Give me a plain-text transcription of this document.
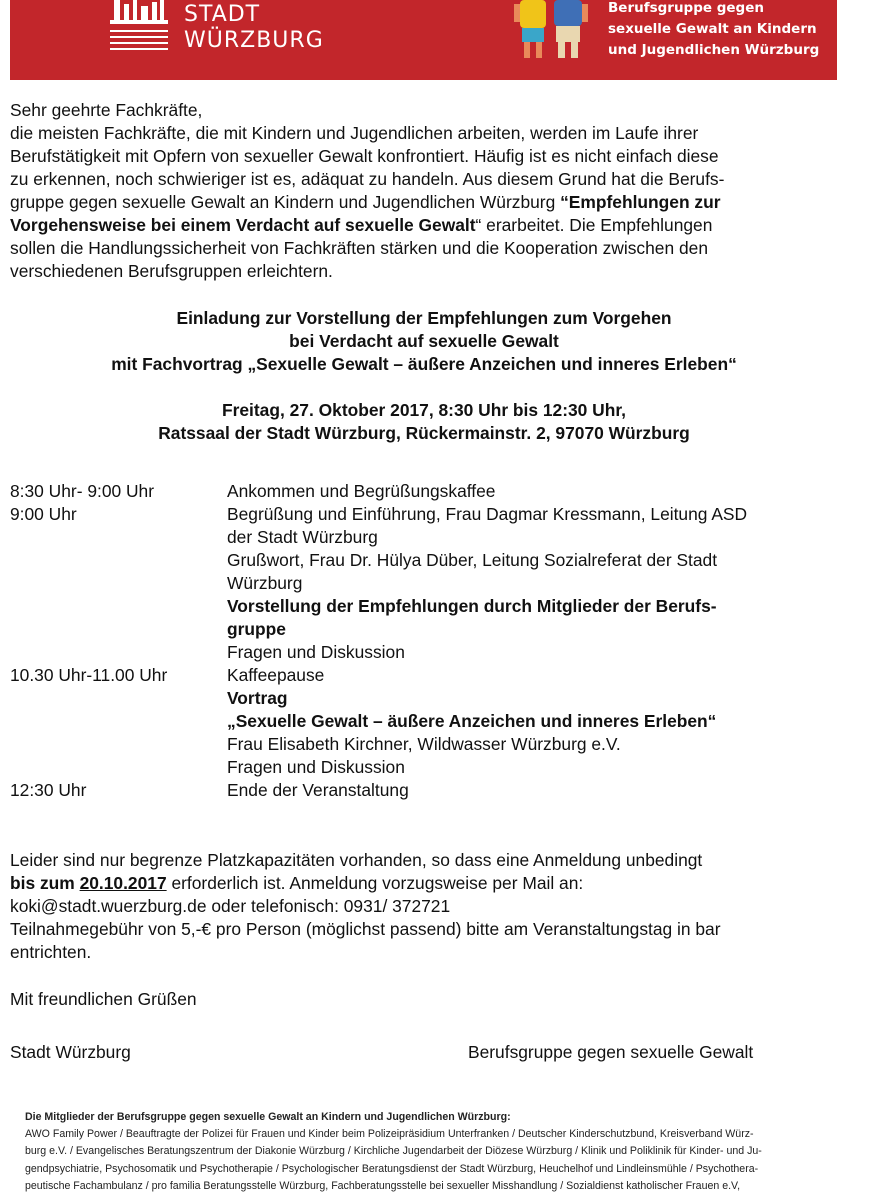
STADT
WÜRZBURG
Berufsgruppe gegen
sexuelle Gewalt an Kindern
und Jugendlichen Würzburg
Sehr geehrte Fachkräfte,
die meisten Fachkräfte, die mit Kindern und Jugendlichen arbeiten, werden im Laufe ihrer
Berufstätigkeit mit Opfern von sexueller Gewalt konfrontiert. Häufig ist es nicht einfach diese
zu erkennen, noch schwieriger ist es, adäquat zu handeln. Aus diesem Grund hat die Berufs-
gruppe gegen sexuelle Gewalt an Kindern und Jugendlichen Würzburg “Empfehlungen zur
Vorgehensweise bei einem Verdacht auf sexuelle Gewalt“ erarbeitet. Die Empfehlungen
sollen die Handlungssicherheit von Fachkräften stärken und die Kooperation zwischen den
verschiedenen Berufsgruppen erleichtern.
Einladung zur Vorstellung der Empfehlungen zum Vorgehen
bei Verdacht auf sexuelle Gewalt
mit Fachvortrag „Sexuelle Gewalt – äußere Anzeichen und inneres Erleben“
Freitag, 27. Oktober 2017, 8:30 Uhr bis 12:30 Uhr,
Ratssaal der Stadt Würzburg, Rückermainstr. 2, 97070 Würzburg
8:30 Uhr- 9:00 Uhr	Ankommen und Begrüßungskaffee
9:00 Uhr	Begrüßung und Einführung, Frau Dagmar Kressmann, Leitung ASD
der Stadt Würzburg
Grußwort, Frau Dr. Hülya Düber, Leitung Sozialreferat der Stadt
Würzburg
Vorstellung der Empfehlungen durch Mitglieder der Berufs-
gruppe
Fragen und Diskussion
10.30 Uhr-11.00 Uhr	Kaffeepause
Vortrag
„Sexuelle Gewalt – äußere Anzeichen und inneres Erleben“
Frau Elisabeth Kirchner, Wildwasser Würzburg e.V.
Fragen und Diskussion
12:30 Uhr	Ende der Veranstaltung
Leider sind nur begrenze Platzkapazitäten vorhanden, so dass eine Anmeldung unbedingt
bis zum 20.10.2017 erforderlich ist. Anmeldung vorzugsweise per Mail an:
koki@stadt.wuerzburg.de oder telefonisch: 0931/ 372721
Teilnahmegebühr von 5,-€ pro Person (möglichst passend) bitte am Veranstaltungstag in bar
entrichten.
Mit freundlichen Grüßen
Stadt Würzburg	Berufsgruppe gegen sexuelle Gewalt
Die Mitglieder der Berufsgruppe gegen sexuelle Gewalt an Kindern und Jugendlichen Würzburg:
AWO Family Power / Beauftragte der Polizei für Frauen und Kinder beim Polizeipräsidium Unterfranken / Deutscher Kinderschutzbund, Kreisverband Würz-
burg e.V. / Evangelisches Beratungszentrum der Diakonie Würzburg / Kirchliche Jugendarbeit der Diözese Würzburg / Klinik und Poliklinik für Kinder- und Ju-
gendpsychiatrie, Psychosomatik und Psychotherapie / Psychologischer Beratungsdienst der Stadt Würzburg, Heuchelhof und Lindleinsmühle / Psychothera-
peutische Fachambulanz / pro familia Beratungsstelle Würzburg, Fachberatungsstelle bei sexueller Misshandlung / Sozialdienst katholischer Frauen e.V,
